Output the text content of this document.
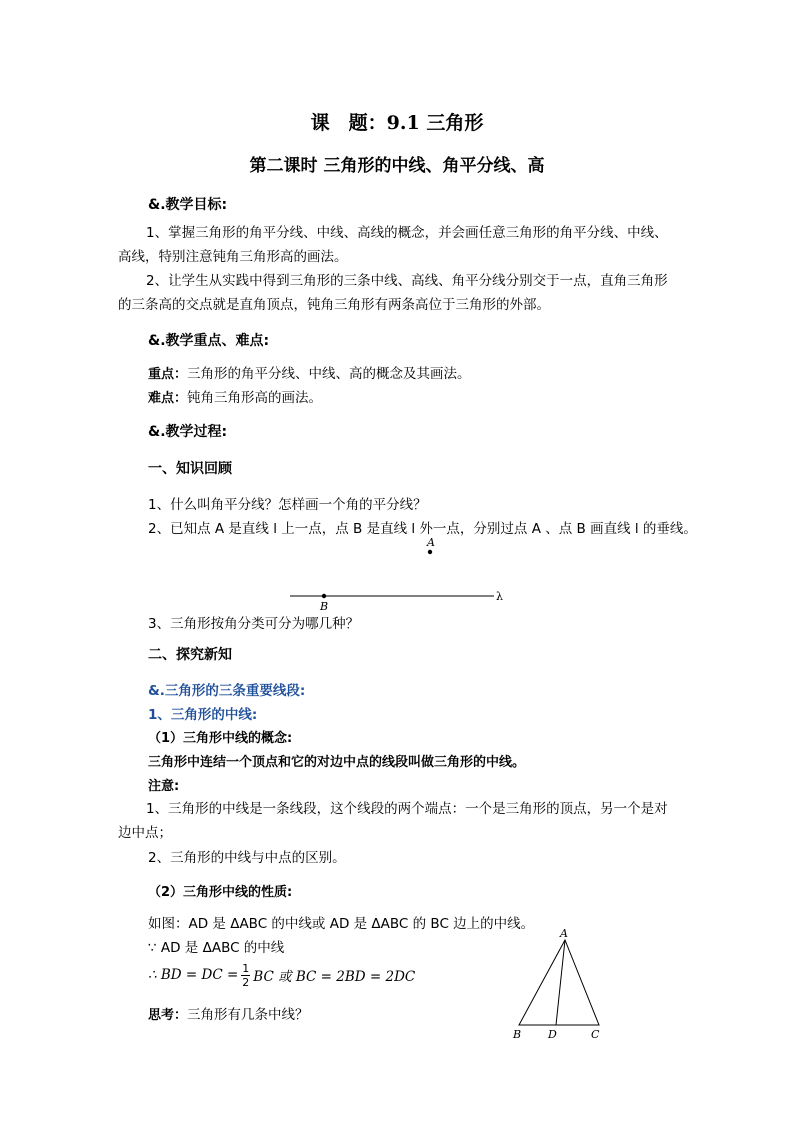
课　题：9.1 三角形
第二课时 三角形的中线、角平分线、高
&.教学目标:
1、掌握三角形的角平分线、中线、高线的概念，并会画任意三角形的角平分线、中线、高线，特别注意钝角三角形高的画法。
2、让学生从实践中得到三角形的三条中线、高线、角平分线分别交于一点，直角三角形的三条高的交点就是直角顶点，钝角三角形有两条高位于三角形的外部。
&.教学重点、难点:
重点：三角形的角平分线、中线、高的概念及其画法。
难点：钝角三角形高的画法。
&.教学过程:
一、知识回顾
1、什么叫角平分线？怎样画一个角的平分线？
2、已知点 A 是直线 l 上一点，点 B 是直线 l 外一点，分别过点 A 、点 B 画直线 l 的垂线。
A
B
λ
3、三角形按角分类可分为哪几种？
二、探究新知
&.三角形的三条重要线段:
1、三角形的中线:
（1）三角形中线的概念:
三角形中连结一个顶点和它的对边中点的线段叫做三角形的中线。
注意:
1、三角形的中线是一条线段，这个线段的两个端点：一个是三角形的顶点，另一个是对边中点；
2、三角形的中线与中点的区别。
（2）三角形中线的性质:
如图：AD 是 ΔABC 的中线或 AD 是 ΔABC 的 BC 边上的中线。
∵ AD 是 ΔABC 的中线
∴ BD = DC = $\frac{1}{2}$ BC 或 BC = 2BD = 2DC
思考：三角形有几条中线？
A
B D	C
